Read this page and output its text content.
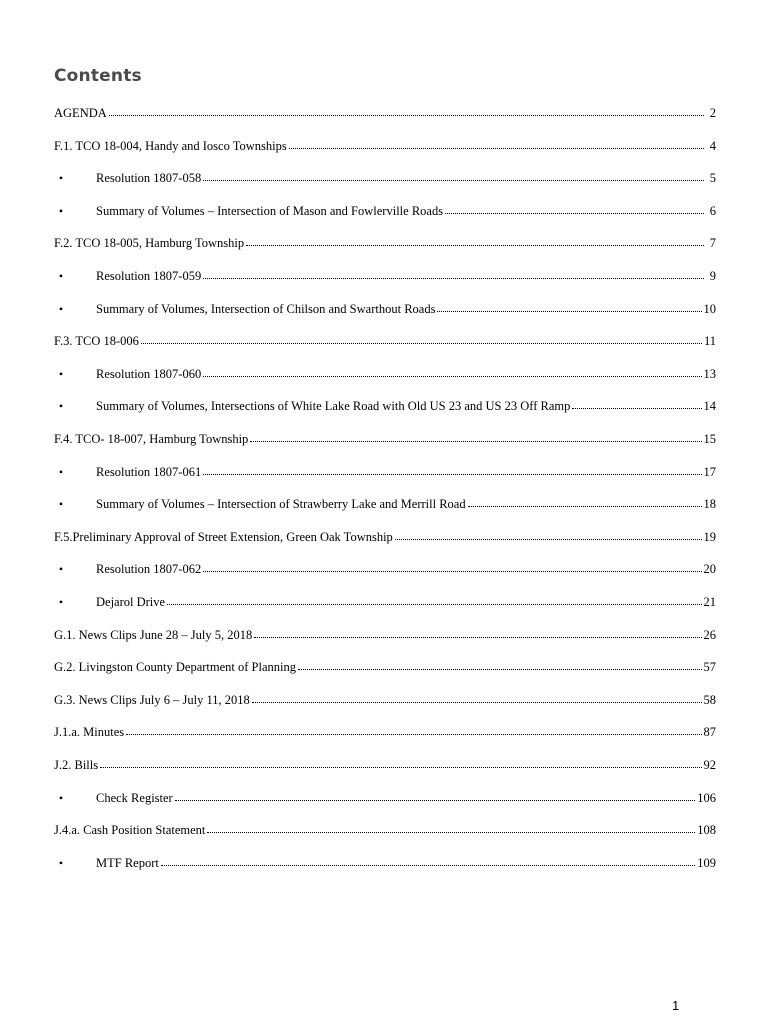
Contents
AGENDA	2
F.1. TCO 18-004, Handy and Iosco Townships	4
•	Resolution 1807-058	5
•	Summary of Volumes – Intersection of Mason and Fowlerville Roads	6
F.2. TCO 18-005, Hamburg Township	7
•	Resolution 1807-059	9
•	Summary of Volumes, Intersection of Chilson and Swarthout Roads	10
F.3. TCO 18-006	11
•	Resolution 1807-060	13
•	Summary of Volumes, Intersections of White Lake Road with Old US 23 and US 23 Off Ramp	14
F.4. TCO- 18-007, Hamburg Township	15
•	Resolution 1807-061	17
•	Summary of Volumes – Intersection of Strawberry Lake and Merrill Road	18
F.5.Preliminary Approval of Street Extension, Green Oak Township	19
•	Resolution 1807-062	20
•	Dejarol Drive	21
G.1. News Clips June 28 – July 5, 2018	26
G.2. Livingston County Department of Planning	57
G.3. News Clips July 6 – July 11, 2018	58
J.1.a. Minutes	87
J.2. Bills	92
•	Check Register	106
J.4.a. Cash Position Statement	108
•	MTF Report	109
1
